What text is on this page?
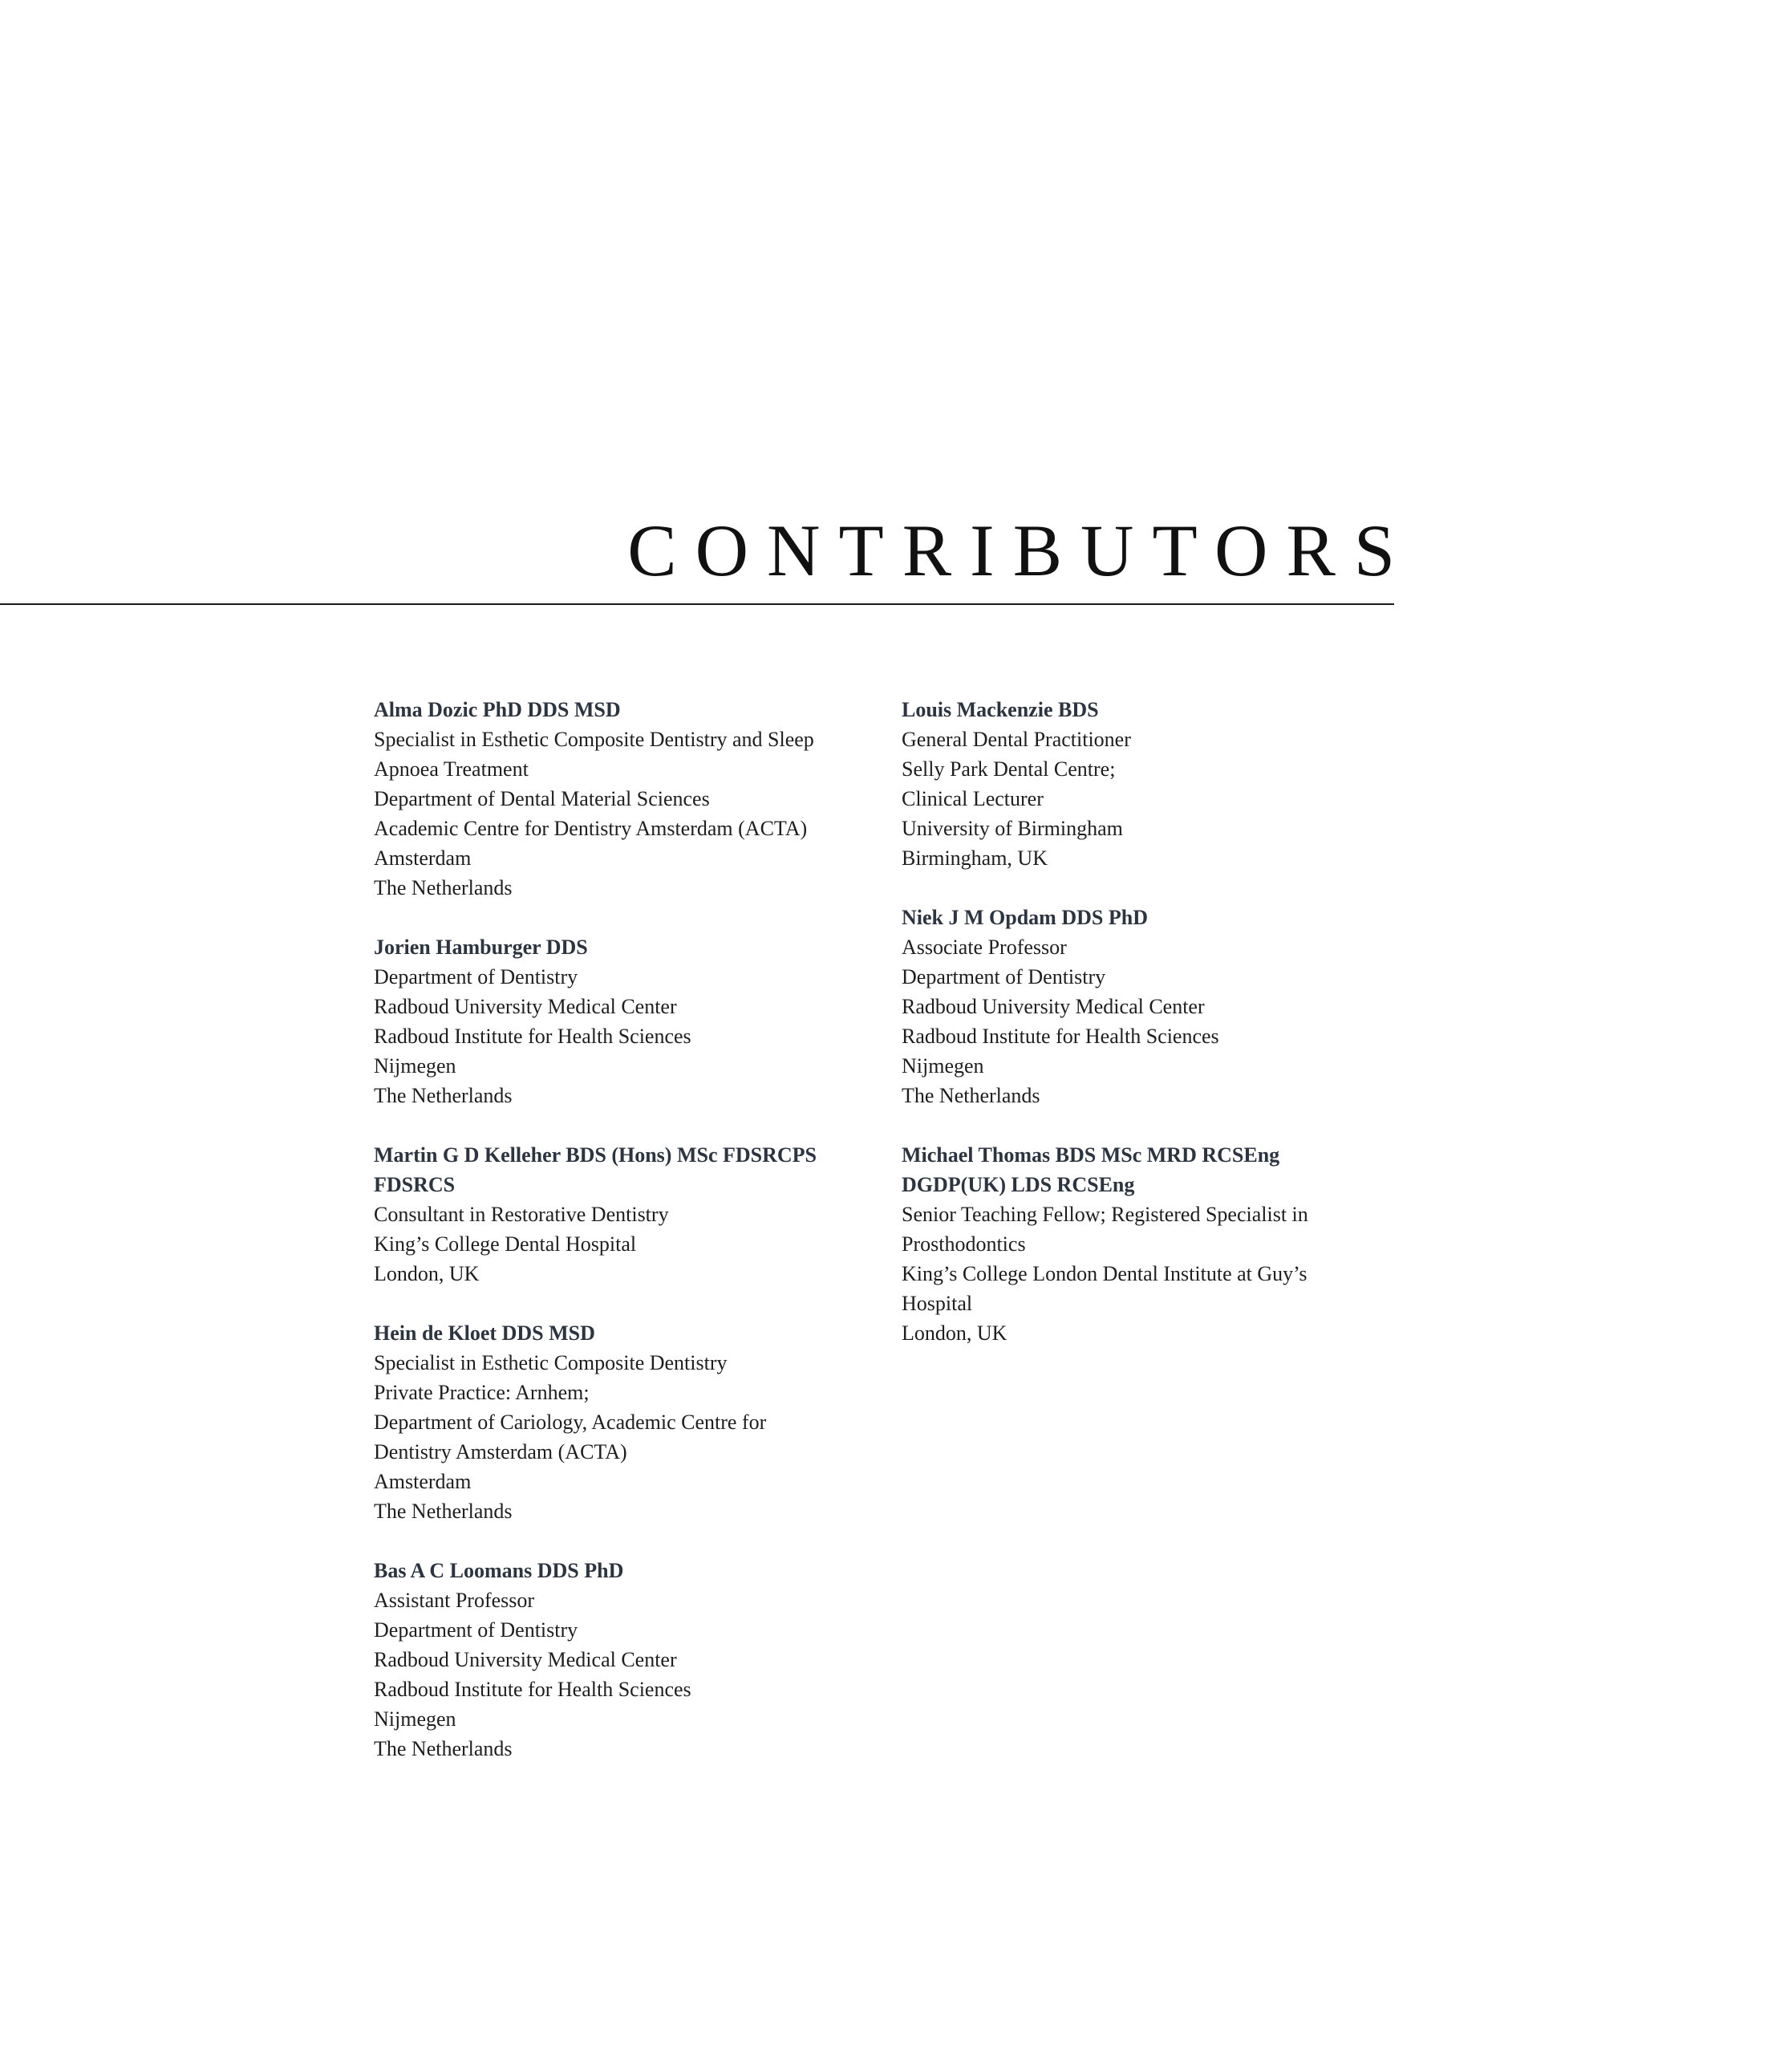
CONTRIBUTORS
Alma Dozic PhD DDS MSD
Specialist in Esthetic Composite Dentistry and Sleep
Apnoea Treatment
Department of Dental Material Sciences
Academic Centre for Dentistry Amsterdam (ACTA)
Amsterdam
The Netherlands
Jorien Hamburger DDS
Department of Dentistry
Radboud University Medical Center
Radboud Institute for Health Sciences
Nijmegen
The Netherlands
Martin G D Kelleher BDS (Hons) MSc FDSRCPS
FDSRCS
Consultant in Restorative Dentistry
King’s College Dental Hospital
London, UK
Hein de Kloet DDS MSD
Specialist in Esthetic Composite Dentistry
Private Practice: Arnhem;
Department of Cariology, Academic Centre for
Dentistry Amsterdam (ACTA)
Amsterdam
The Netherlands
Bas A C Loomans DDS PhD
Assistant Professor
Department of Dentistry
Radboud University Medical Center
Radboud Institute for Health Sciences
Nijmegen
The Netherlands
Louis Mackenzie BDS
General Dental Practitioner
Selly Park Dental Centre;
Clinical Lecturer
University of Birmingham
Birmingham, UK
Niek J M Opdam DDS PhD
Associate Professor
Department of Dentistry
Radboud University Medical Center
Radboud Institute for Health Sciences
Nijmegen
The Netherlands
Michael Thomas BDS MSc MRD RCSEng
DGDP(UK) LDS RCSEng
Senior Teaching Fellow; Registered Specialist in
Prosthodontics
King’s College London Dental Institute at Guy’s
Hospital
London, UK
